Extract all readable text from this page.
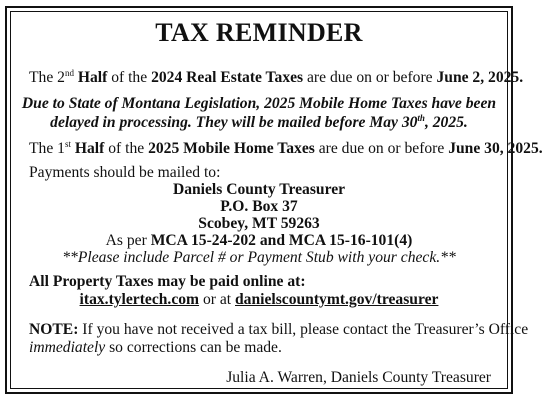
TAX REMINDER
The 2nd Half of the 2024 Real Estate Taxes are due on or before June 2, 2025.
Due to State of Montana Legislation, 2025 Mobile Home Taxes have been
delayed in processing. They will be mailed before May 30th, 2025.
The 1st Half of the 2025 Mobile Home Taxes are due on or before June 30, 2025.
Payments should be mailed to:
Daniels County Treasurer
P.O. Box 37
Scobey, MT 59263
As per MCA 15-24-202 and MCA 15-16-101(4)
**Please include Parcel # or Payment Stub with your check.**
All Property Taxes may be paid online at:
itax.tylertech.com or at danielscountymt.gov/treasurer
NOTE: If you have not received a tax bill, please contact the Treasurer’s Office
immediately so corrections can be made.
Julia A. Warren, Daniels County Treasurer
